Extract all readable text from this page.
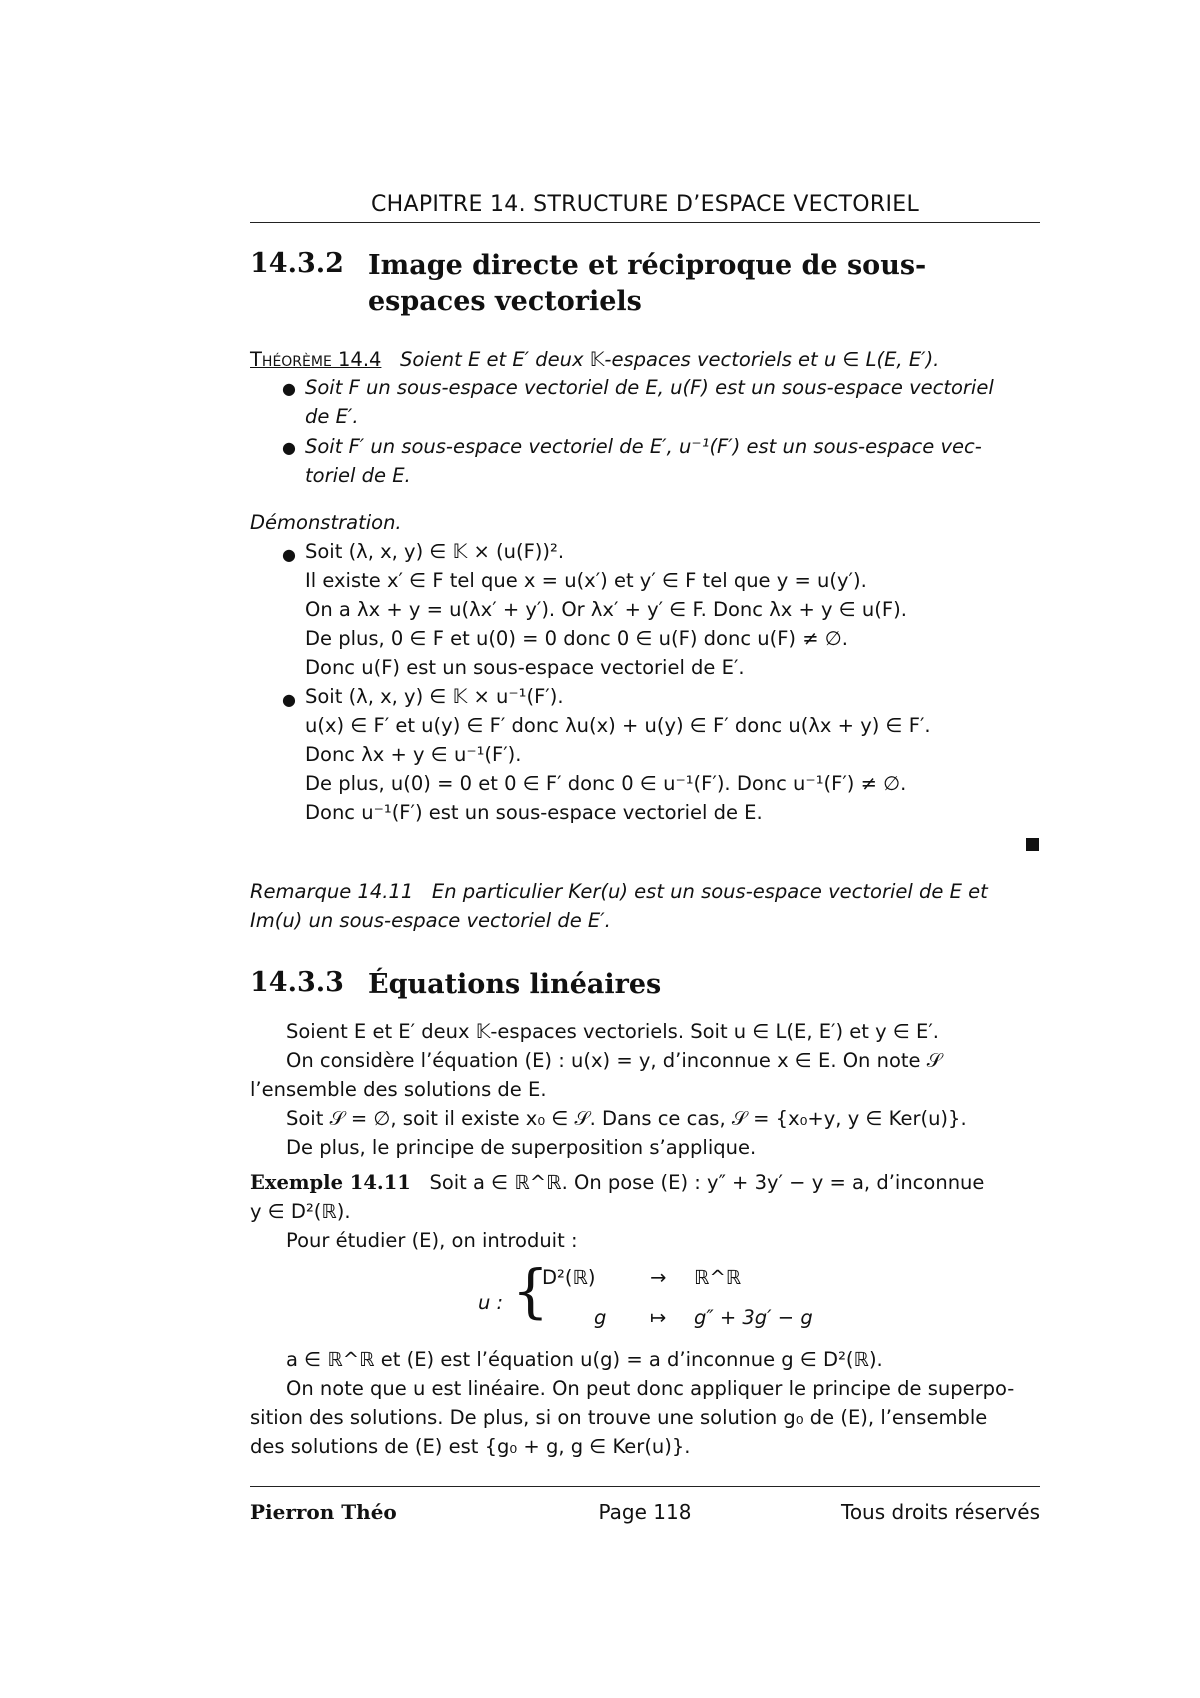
CHAPITRE 14. STRUCTURE D’ESPACE VECTORIEL
14.3.2 Image directe et réciproque de sous-espaces vectoriels
Théorème 14.4 Soient E et E′ deux 𝕂-espaces vectoriels et u ∈ L(E, E′).
● Soit F un sous-espace vectoriel de E, u(F) est un sous-espace vectoriel
de E′.
● Soit F′ un sous-espace vectoriel de E′, u⁻¹(F′) est un sous-espace vec-
toriel de E.
Démonstration.
● Soit (λ, x, y) ∈ 𝕂 × (u(F))².
Il existe x′ ∈ F tel que x = u(x′) et y′ ∈ F tel que y = u(y′).
On a λx + y = u(λx′ + y′). Or λx′ + y′ ∈ F. Donc λx + y ∈ u(F).
De plus, 0 ∈ F et u(0) = 0 donc 0 ∈ u(F) donc u(F) ≠ ∅.
Donc u(F) est un sous-espace vectoriel de E′.
● Soit (λ, x, y) ∈ 𝕂 × u⁻¹(F′).
u(x) ∈ F′ et u(y) ∈ F′ donc λu(x) + u(y) ∈ F′ donc u(λx + y) ∈ F′.
Donc λx + y ∈ u⁻¹(F′).
De plus, u(0) = 0 et 0 ∈ F′ donc 0 ∈ u⁻¹(F′). Donc u⁻¹(F′) ≠ ∅.
Donc u⁻¹(F′) est un sous-espace vectoriel de E.
Remarque 14.11 En particulier Ker(u) est un sous-espace vectoriel de E et
Im(u) un sous-espace vectoriel de E′.
14.3.3 Équations linéaires
Soient E et E′ deux 𝕂-espaces vectoriels. Soit u ∈ L(E, E′) et y ∈ E′.
On considère l’équation (E) : u(x) = y, d’inconnue x ∈ E. On note 𝒮
l’ensemble des solutions de E.
Soit 𝒮 = ∅, soit il existe x₀ ∈ 𝒮. Dans ce cas, 𝒮 = {x₀+y, y ∈ Ker(u)}.
De plus, le principe de superposition s’applique.
Exemple 14.11 Soit a ∈ ℝ^ℝ. On pose (E) : y″ + 3y′ − y = a, d’inconnue
y ∈ D²(ℝ).
Pour étudier (E), on introduit :
u : {
D²(ℝ)	→ ℝ^ℝ
g ↦ g″ + 3g′ − g
a ∈ ℝ^ℝ et (E) est l’équation u(g) = a d’inconnue g ∈ D²(ℝ).
On note que u est linéaire. On peut donc appliquer le principe de superpo-
sition des solutions. De plus, si on trouve une solution g₀ de (E), l’ensemble
des solutions de (E) est {g₀ + g, g ∈ Ker(u)}.
Pierron Théo	Page 118	Tous droits réservés
